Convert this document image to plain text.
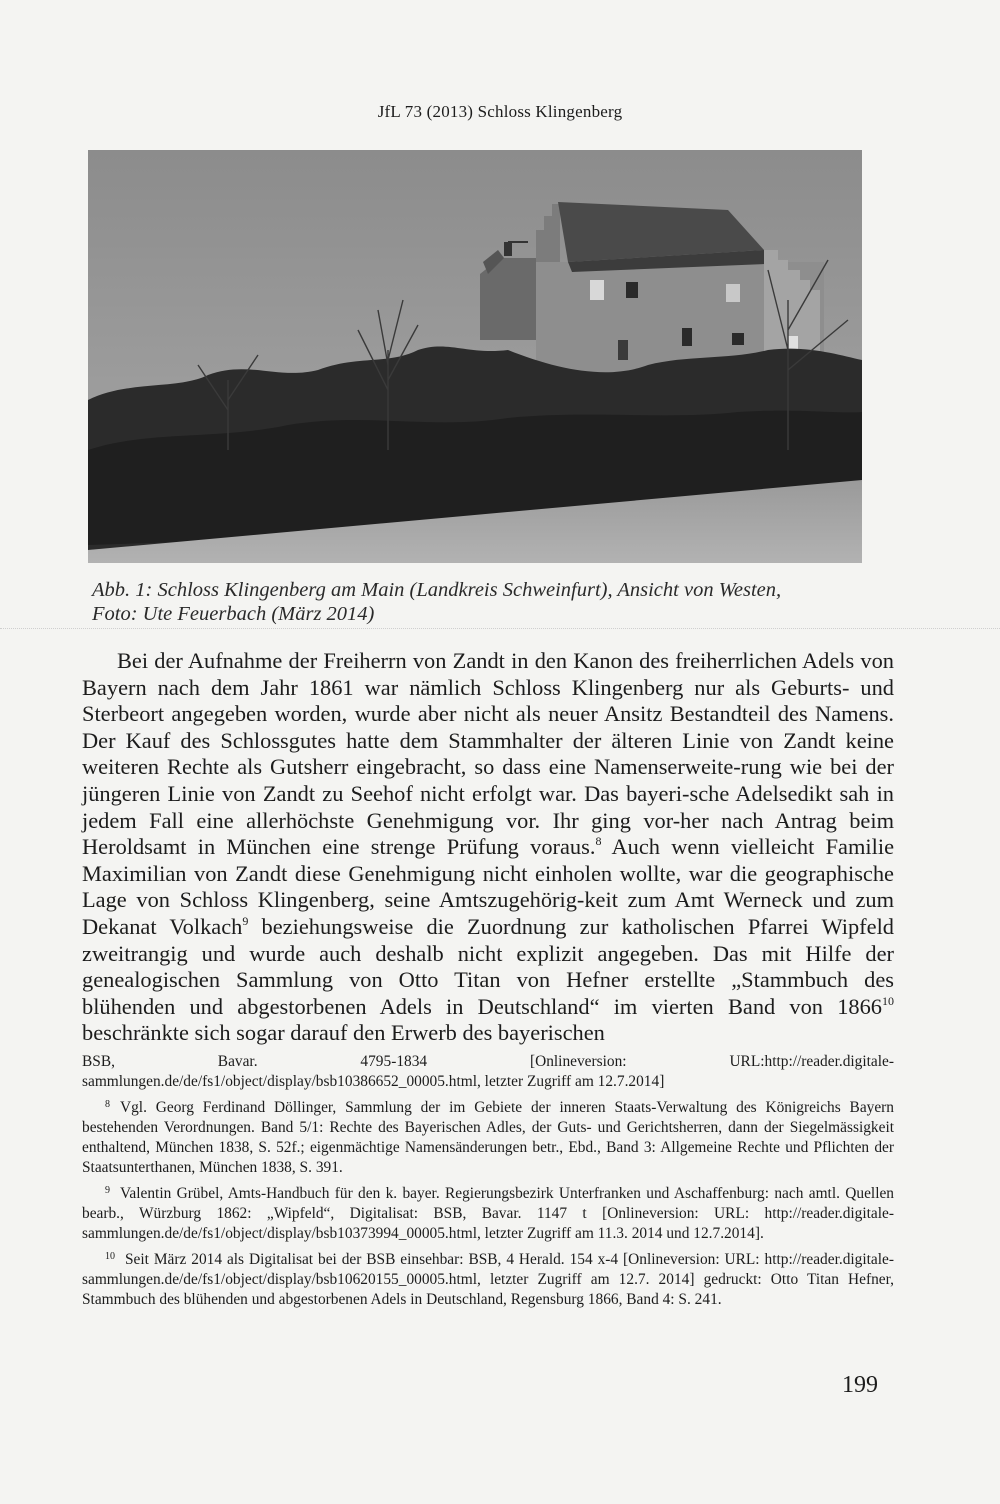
JfL 73 (2013) Schloss Klingenberg
Abb. 1: Schloss Klingenberg am Main (Landkreis Schweinfurt), Ansicht von Westen,
Foto: Ute Feuerbach (März 2014)

Bei der Aufnahme der Freiherrn von Zandt in den Kanon des freiherrlichen Adels von Bayern nach dem Jahr 1861 war nämlich Schloss Klingenberg nur als Geburts- und Sterbeort angegeben worden, wurde aber nicht als neuer Ansitz Bestandteil des Namens. Der Kauf des Schlossgutes hatte dem Stammhalter der älteren Linie von Zandt keine weiteren Rechte als Gutsherr eingebracht, so dass eine Namenserweite-rung wie bei der jüngeren Linie von Zandt zu Seehof nicht erfolgt war. Das bayeri-sche Adelsedikt sah in jedem Fall eine allerhöchste Genehmigung vor. Ihr ging vor-her nach Antrag beim Heroldsamt in München eine strenge Prüfung voraus.$^8$ Auch wenn vielleicht Familie Maximilian von Zandt diese Genehmigung nicht einholen wollte, war die geographische Lage von Schloss Klingenberg, seine Amtszugehörig-keit zum Amt Werneck und zum Dekanat Volkach$^9$ beziehungsweise die Zuordnung zur katholischen Pfarrei Wipfeld zweitrangig und wurde auch deshalb nicht explizit angegeben. Das mit Hilfe der genealogischen Sammlung von Otto Titan von Hefner erstellte „Stammbuch des blühenden und abgestorbenen Adels in Deutschland“ im vierten Band von 1866$^{10}$ beschränkte sich sogar darauf den Erwerb des bayerischen

BSB, Bavar. 4795-1834 [Onlineversion: URL:http://reader.digitale-sammlungen.de/de/fs1/object/display/bsb10386652_00005.html, letzter Zugriff am 12.7.2014]
$^8$ Vgl. Georg Ferdinand Döllinger, Sammlung der im Gebiete der inneren Staats-Verwaltung des Königreichs Bayern bestehenden Verordnungen. Band 5/1: Rechte des Bayerischen Adles, der Guts- und Gerichtsherren, dann der Siegelmässigkeit enthaltend, München 1838, S. 52f.; eigenmächtige Namensänderungen betr., Ebd., Band 3: Allgemeine Rechte und Pflichten der Staatsunterthanen, München 1838, S. 391.
$^9$ Valentin Grübel, Amts-Handbuch für den k. bayer. Regierungsbezirk Unterfranken und Aschaffenburg: nach amtl. Quellen bearb., Würzburg 1862: „Wipfeld“, Digitalisat: BSB, Bavar. 1147 t [Onlineversion: URL: http://reader.digitale-sammlungen.de/de/fs1/object/display/bsb10373994_00005.html, letzter Zugriff am 11.3. 2014 und 12.7.2014].
$^{10}$ Seit März 2014 als Digitalisat bei der BSB einsehbar: BSB, 4 Herald. 154 x-4 [Onlineversion: URL: http://reader.digitale-sammlungen.de/de/fs1/object/display/bsb10620155_00005.html, letzter Zugriff am 12.7. 2014] gedruckt: Otto Titan Hefner, Stammbuch des blühenden und abgestorbenen Adels in Deutschland, Regensburg 1866, Band 4: S. 241.
199
